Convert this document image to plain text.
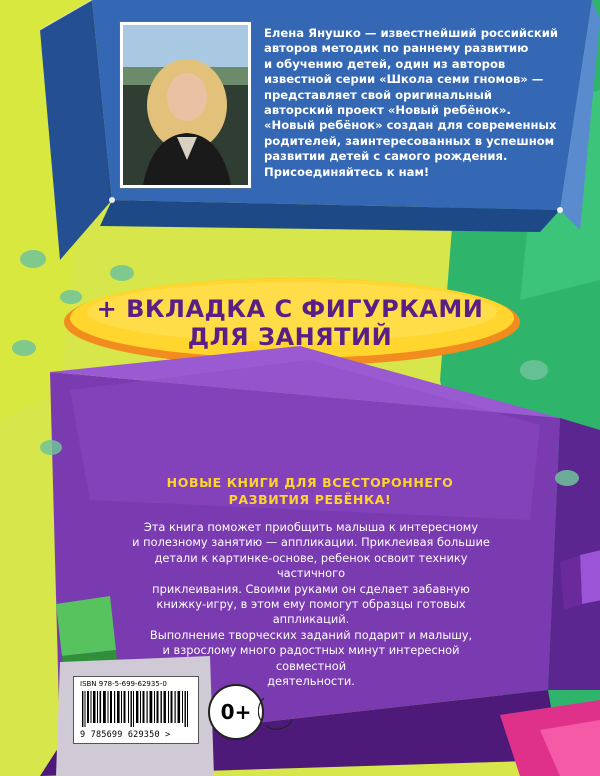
Елена Янушко — известнейший российский

авторов методик по раннему развитию

и обучению детей, один из авторов

известной серии «Школа семи гномов» —

представляет свой оригинальный

авторский проект «Новый ребёнок».

«Новый ребёнок» создан для современных

родителей, заинтересованных в успешном

развитии детей с самого рождения.

Присоединяйтесь к нам!

+ ВКЛАДКА С ФИГУРКАМИ
ДЛЯ ЗАНЯТИЙ
НОВЫЕ КНИГИ ДЛЯ ВСЕСТОРОННЕГО
РАЗВИТИЯ РЕБЁНКА!
Эта книга поможет приобщить малыша к интересному
и полезному занятию — аппликации. Приклеивая большие
детали к картинке-основе, ребенок освоит технику частичного
приклеивания. Своими руками он сделает забавную
книжку-игру, в этом ему помогут образцы готовых аппликаций.
Выполнение творческих заданий подарит и малышу,
и взрослому много радостных минут интересной совместной
деятельности.
ISBN 978-5-699-62935-0
9 785699 629350 >
0+
